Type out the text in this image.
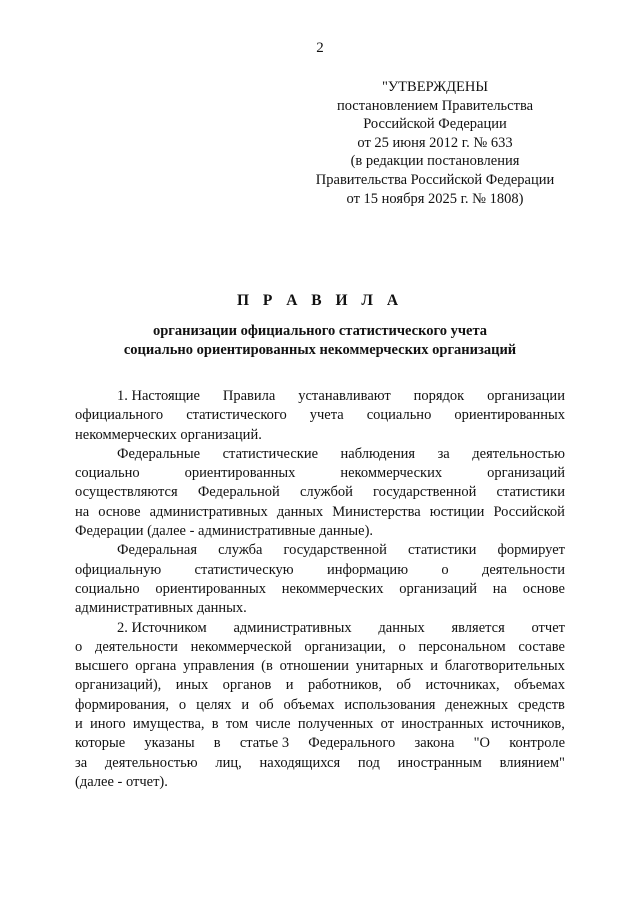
2
"УТВЕРЖДЕНЫ
постановлением Правительства
Российской Федерации
от 25 июня 2012 г. № 633
(в редакции постановления
Правительства Российской Федерации
от 15 ноября 2025 г. № 1808)
П Р А В И Л А
организации официального статистического учета
социально ориентированных некоммерческих организаций
1. Настоящие Правила устанавливают порядок организации
официального статистического учета социально ориентированных
некоммерческих организаций.
Федеральные статистические наблюдения за деятельностью
социально	ориентированных	некоммерческих	организаций
осуществляются Федеральной службой государственной статистики
на основе административных данных Министерства юстиции Российской
Федерации (далее - административные данные).
Федеральная служба государственной статистики формирует
официальную статистическую информацию о деятельности
социально ориентированных некоммерческих организаций на основе
административных данных.
2. Источником административных данных является отчет
о деятельности некоммерческой организации, о персональном составе
высшего органа управления (в отношении унитарных и благотворительных
организаций), иных органов и работников, об источниках, объемах
формирования, о целях и об объемах использования денежных средств
и иного имущества, в том числе полученных от иностранных источников,
которые указаны в статье 3 Федерального закона "О контроле
за деятельностью лиц, находящихся под иностранным влиянием"
(далее - отчет).
